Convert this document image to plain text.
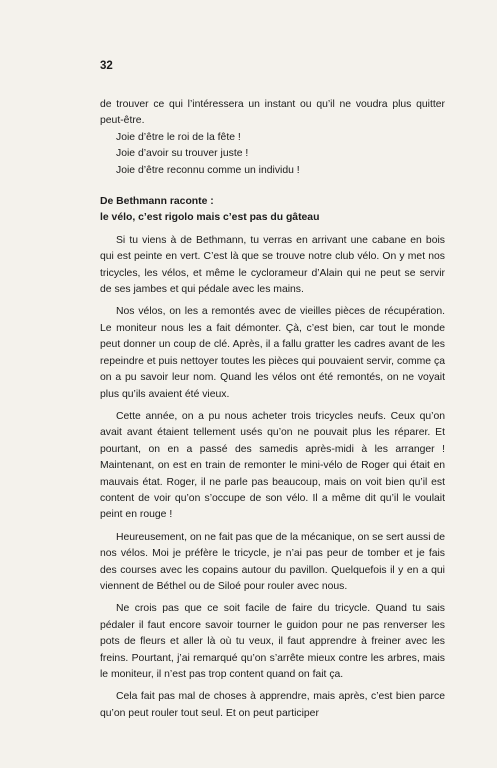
32

de trouver ce qui l’intéressera un instant ou qu’il ne voudra plus quitter peut-être.

Joie d’être le roi de la fête !

Joie d’avoir su trouver juste !

Joie d’être reconnu comme un individu !

De Bethmann raconte :
le vélo, c’est rigolo mais c’est pas du gâteau

Si tu viens à de Bethmann, tu verras en arrivant une cabane en bois qui est peinte en vert. C’est là que se trouve notre club vélo. On y met nos tricycles, les vélos, et même le cyclorameur d’Alain qui ne peut se servir de ses jambes et qui pédale avec les mains.

Nos vélos, on les a remontés avec de vieilles pièces de récupération. Le moniteur nous les a fait démonter. Çà, c’est bien, car tout le monde peut donner un coup de clé. Après, il a fallu gratter les cadres avant de les repeindre et puis nettoyer toutes les pièces qui pouvaient servir, comme ça on a pu savoir leur nom. Quand les vélos ont été remontés, on ne voyait plus qu’ils avaient été vieux.

Cette année, on a pu nous acheter trois tricycles neufs. Ceux qu’on avait avant étaient tellement usés qu’on ne pouvait plus les réparer. Et pourtant, on en a passé des samedis après-midi à les arranger ! Maintenant, on est en train de remonter le mini-vélo de Roger qui était en mauvais état. Roger, il ne parle pas beaucoup, mais on voit bien qu’il est content de voir qu’on s’occupe de son vélo. Il a même dit qu’il le voulait peint en rouge !

Heureusement, on ne fait pas que de la mécanique, on se sert aussi de nos vélos. Moi je préfère le tricycle, je n’ai pas peur de tomber et je fais des courses avec les copains autour du pavillon. Quelquefois il y en a qui viennent de Béthel ou de Siloé pour rouler avec nous.

Ne crois pas que ce soit facile de faire du tricycle. Quand tu sais pédaler il faut encore savoir tourner le guidon pour ne pas renverser les pots de fleurs et aller là où tu veux, il faut apprendre à freiner avec les freins. Pourtant, j’ai remarqué qu’on s’arrête mieux contre les arbres, mais le moniteur, il n’est pas trop content quand on fait ça.

Cela fait pas mal de choses à apprendre, mais après, c’est bien parce qu’on peut rouler tout seul. Et on peut participer
